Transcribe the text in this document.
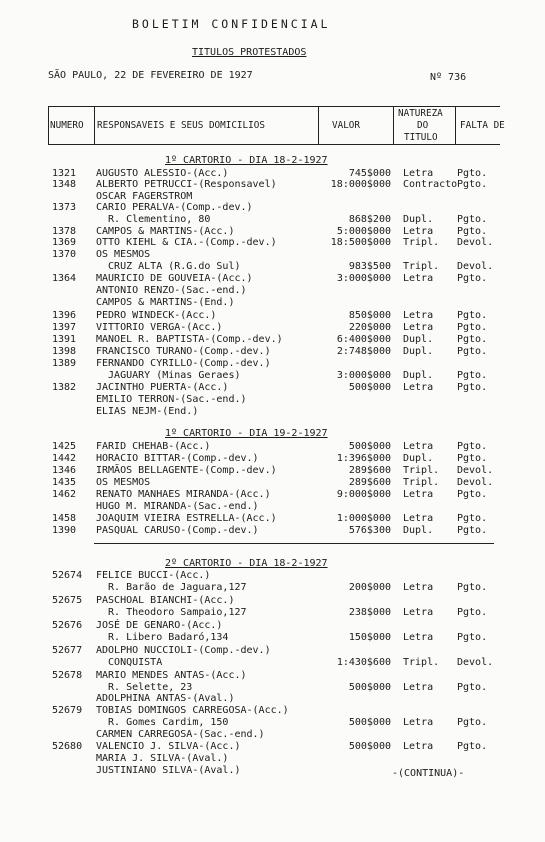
BOLETIM CONFIDENCIAL
TITULOS PROTESTADOS
SÃO PAULO, 22 DE FEVEREIRO DE 1927	Nº 736
NUMERO RESPONSAVEIS E SEUS DOMICILIOS	VALOR
NATUREZA
DO
TITULO
FALTA DE
1º CARTORIO - DIA 18-2-1927
1º CARTORIO - DIA 19-2-1927
2º CARTORIO - DIA 18-2-1927
1321 AUGUSTO ALESSIO-(Acc.)	745$000 Letra Pgto.
1348 ALBERTO PETRUCCI-(Responsavel)	18:000$000 Contracto Pgto.
OSCAR FAGERSTROM
1373 CARIO PERALVA-(Comp.-dev.)
R. Clementino, 80	868$200 Dupl. Pgto.
1378 CAMPOS & MARTINS-(Acc.)	5:000$000 Letra Pgto.
1369 OTTO KIEHL & CIA.-(Comp.-dev.)	18:500$000 Tripl. Devol.
1370 OS MESMOS
CRUZ ALTA (R.G.do Sul)	983$500 Tripl. Devol.
1364 MAURICIO DE GOUVEIA-(Acc.)	3:000$000 Letra Pgto.
ANTONIO RENZO-(Sac.-end.)
CAMPOS & MARTINS-(End.)
1396 PEDRO WINDECK-(Acc.)	850$000 Letra Pgto.
1397 VITTORIO VERGA-(Acc.)	220$000 Letra Pgto.
1391 MANOEL R. BAPTISTA-(Comp.-dev.)	6:400$000 Dupl. Pgto.
1398 FRANCISCO TURANO-(Comp.-dev.)	2:748$000 Dupl. Pgto.
1389 FERNANDO CYRILLO-(Comp.-dev.)
JAGUARY (Minas Geraes)	3:000$000 Dupl. Pgto.
1382 JACINTHO PUERTA-(Acc.)	500$000 Letra Pgto.
EMILIO TERRON-(Sac.-end.)
ELIAS NEJM-(End.)
1425 FARID CHEHAB-(Acc.)	500$000 Letra Pgto.
1442 HORACIO BITTAR-(Comp.-dev.)	1:396$000 Dupl. Pgto.
1346 IRMÃOS BELLAGENTE-(Comp.-dev.)	289$600 Tripl. Devol.
1435 OS MESMOS	289$600 Tripl. Devol.
1462 RENATO MANHAES MIRANDA-(Acc.)	9:000$000 Letra Pgto.
HUGO M. MIRANDA-(Sac.-end.)
1458 JOAQUIM VIEIRA ESTRELLA-(Acc.)	1:000$000 Letra Pgto.
1390 PASQUAL CARUSO-(Comp.-dev.)	576$300 Dupl. Pgto.
52674 FELICE BUCCI-(Acc.)
R. Barão de Jaguara,127	200$000 Letra Pgto.
52675 PASCHOAL BIANCHI-(Acc.)
R. Theodoro Sampaio,127	238$000 Letra Pgto.
52676 JOSÉ DE GENARO-(Acc.)
R. Libero Badaró,134	150$000 Letra Pgto.
52677 ADOLPHO NUCCIOLI-(Comp.-dev.)
CONQUISTA	1:430$600 Tripl. Devol.
52678 MARIO MENDES ANTAS-(Acc.)
R. Selette, 23	500$000 Letra Pgto.
ADOLPHINA ANTAS-(Aval.)
52679 TOBIAS DOMINGOS CARREGOSA-(Acc.)
R. Gomes Cardim, 150	500$000 Letra Pgto.
CARMEN CARREGOSA-(Sac.-end.)
52680 VALENCIO J. SILVA-(Acc.)	500$000 Letra Pgto.
MARIA J. SILVA-(Aval.)
JUSTINIANO SILVA-(Aval.)	-(CONTINUA)-
